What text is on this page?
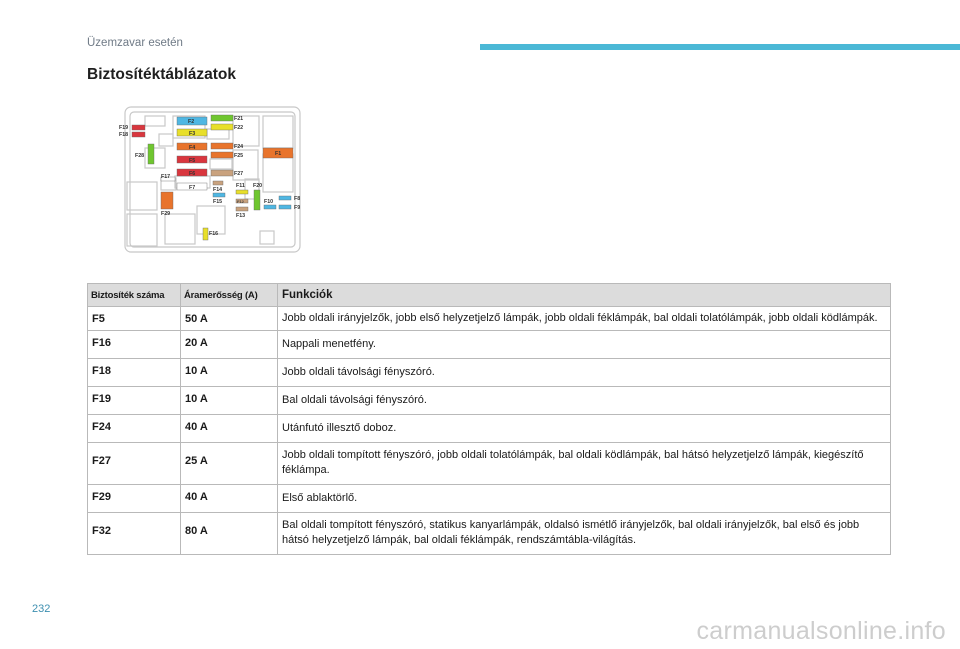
Üzemzavar esetén
Biztosítéktáblázatok
F19
F18
F28
F2
F3
F4
F5
F6
F7
F21
F22
F24
F25
F27
F1
F17
F29
F14
F15
F11 F20
F12
F13
F10	F8
F9
F16
Biztosíték száma	Áramerősség (A)	Funkciók
F5	50 A	Jobb oldali irányjelzők, jobb első helyzetjelző lámpák, jobb oldali féklámpák, bal oldali tolatólámpák, jobb oldali ködlámpák.
F16	20 A	Nappali menetfény.
F18	10 A	Jobb oldali távolsági fényszóró.
F19	10 A	Bal oldali távolsági fényszóró.
F24	40 A	Utánfutó illesztő doboz.
F27	25 A	Jobb oldali tompított fényszóró, jobb oldali tolatólámpák, bal oldali ködlámpák, bal hátsó helyzetjelző lámpák, kiegészítő féklámpa.
F29	40 A	Első ablaktörlő.
F32	80 A	Bal oldali tompított fényszóró, statikus kanyarlámpák, oldalsó ismétlő irányjelzők, bal oldali irányjelzők, bal első és jobb hátsó helyzetjelző lámpák, bal oldali féklámpák, rendszámtábla-világítás.
232
carmanualsonline.info
